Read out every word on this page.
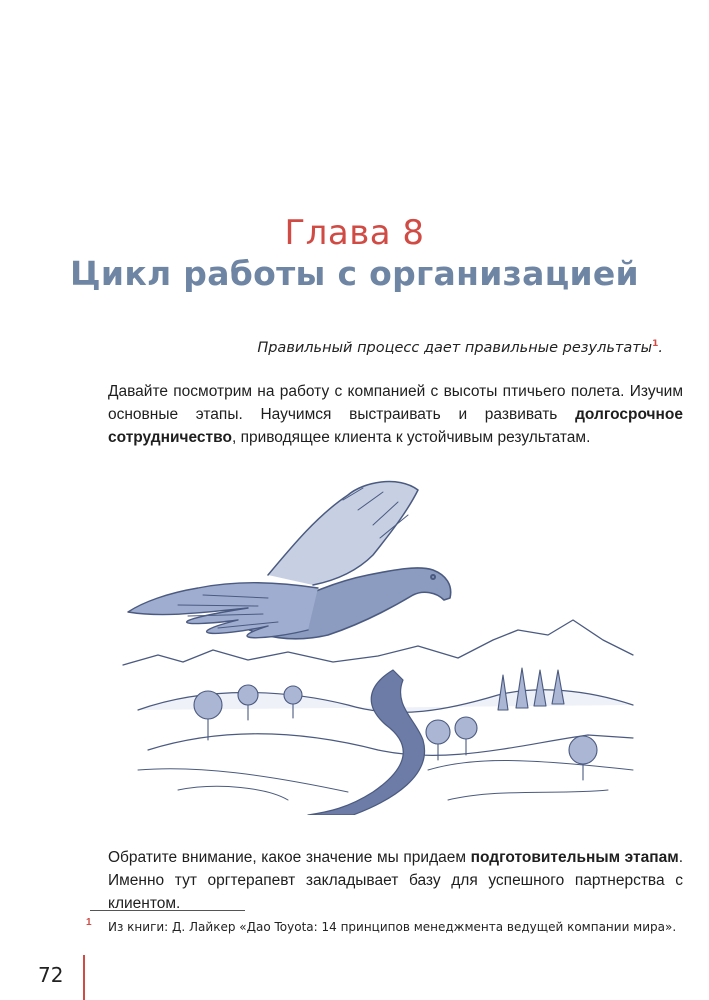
Глава 8
Цикл работы с организацией
Правильный процесс дает правильные результаты$^1$.
Давайте посмотрим на работу с компанией с высоты птичьего полета. Изучим основные этапы. Научимся выстраивать и развивать долгосрочное сотрудничество, приводящее клиента к устойчивым результатам.
Обратите внимание, какое значение мы придаем подготовительным этапам. Именно тут оргтерапевт закладывает базу для успешного партнерства с клиентом.
1 Из книги: Д. Лайкер «Дао Toyota: 14 принципов менеджмента ведущей компании мира».
72
